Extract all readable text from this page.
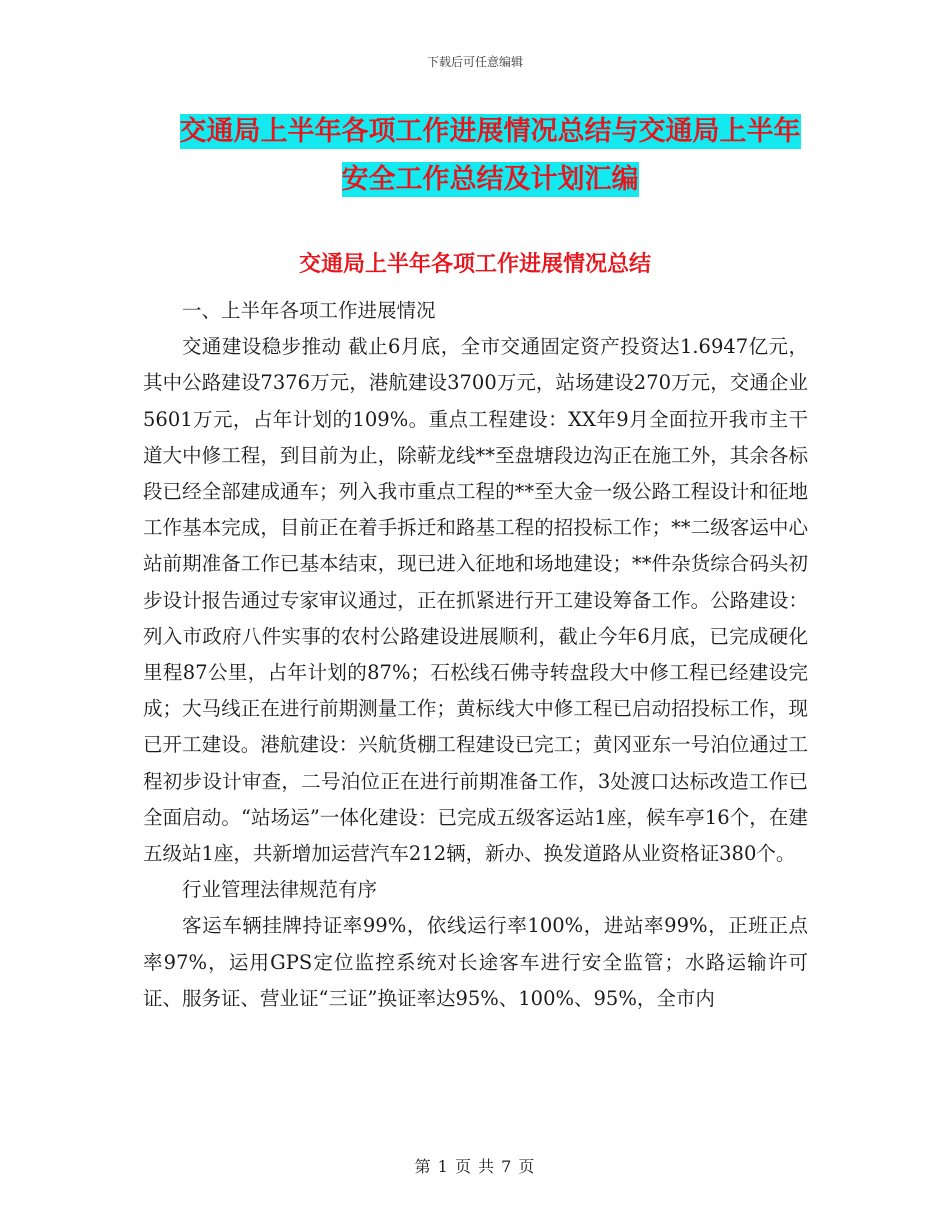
下载后可任意编辑
交通局上半年各项工作进展情况总结与交通局上半年
安全工作总结及计划汇编
交通局上半年各项工作进展情况总结

一、上半年各项工作进展情况

交通建设稳步推动 截止6月底，全市交通固定资产投资达1.6947亿元，其中公路建设7376万元，港航建设3700万元，站场建设270万元，交通企业5601万元，占年计划的109%。重点工程建设：XX年9月全面拉开我市主干道大中修工程，到目前为止，除蕲龙线**至盘塘段边沟正在施工外，其余各标段已经全部建成通车；列入我市重点工程的**至大金一级公路工程设计和征地工作基本完成，目前正在着手拆迁和路基工程的招投标工作；**二级客运中心站前期准备工作已基本结束，现已进入征地和场地建设；**件杂货综合码头初步设计报告通过专家审议通过，正在抓紧进行开工建设筹备工作。公路建设：列入市政府八件实事的农村公路建设进展顺利，截止今年6月底，已完成硬化里程87公里，占年计划的87%；石松线石佛寺转盘段大中修工程已经建设完成；大马线正在进行前期测量工作；黄标线大中修工程已启动招投标工作，现已开工建设。港航建设：兴航货棚工程建设已完工；黄冈亚东一号泊位通过工程初步设计审查，二号泊位正在进行前期准备工作，3处渡口达标改造工作已全面启动。“站场运”一体化建设：已完成五级客运站1座，候车亭16个，在建五级站1座，共新增加运营汽车212辆，新办、换发道路从业资格证380个。

行业管理法律规范有序

客运车辆挂牌持证率99%，依线运行率100%，进站率99%，正班正点率97%，运用GPS定位监控系统对长途客车进行安全监管；水路运输许可证、服务证、营业证“三证”换证率达95%、100%、95%，全市内

第 1 页 共 7 页
